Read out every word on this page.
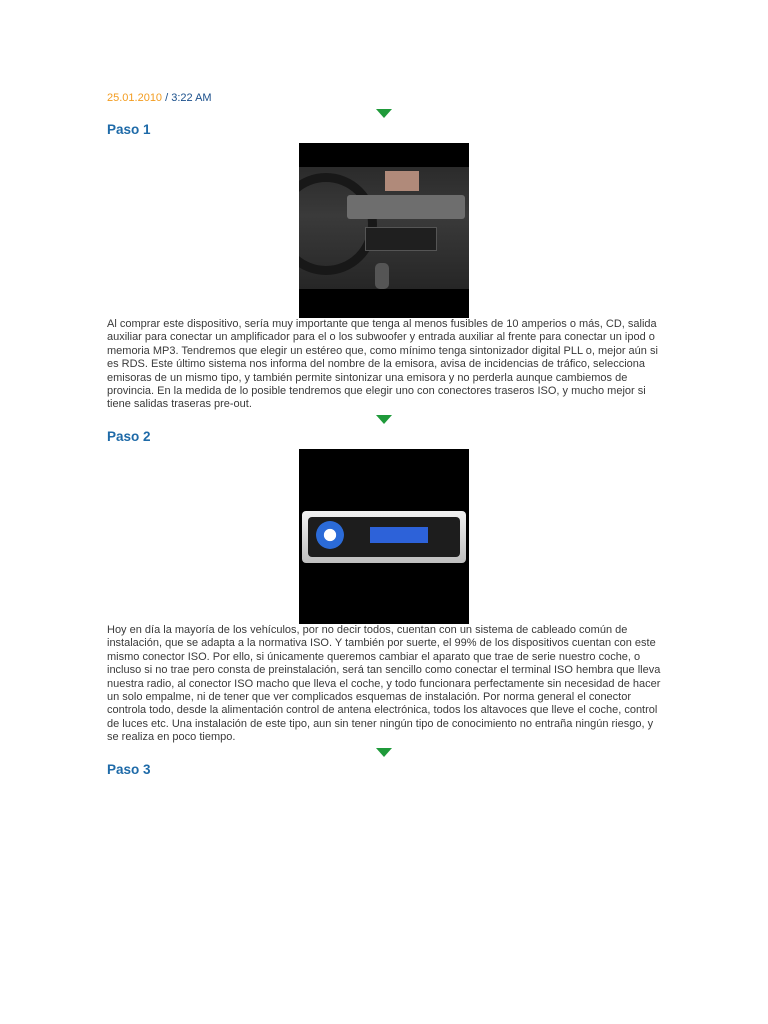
25.01.2010 / 3:22 AM
Paso 1

Al comprar este dispositivo, sería muy importante que tenga al menos fusibles de 10 amperios o más, CD, salida auxiliar para conectar un amplificador para el o los subwoofer y entrada auxiliar al frente para conectar un ipod o memoria MP3. Tendremos que elegir un estéreo que, como mínimo tenga sintonizador digital PLL o, mejor aún si es RDS. Este último sistema nos informa del nombre de la emisora, avisa de incidencias de tráfico, selecciona emisoras de un mismo tipo, y también permite sintonizar una emisora y no perderla aunque cambiemos de provincia. En la medida de lo posible tendremos que elegir uno con conectores traseros ISO, y mucho mejor si tiene salidas traseras pre-out.

Paso 2

Hoy en día la mayoría de los vehículos, por no decir todos, cuentan con un sistema de cableado común de instalación, que se adapta a la normativa ISO. Y también por suerte, el 99% de los dispositivos cuentan con este mismo conector ISO. Por ello, si únicamente queremos cambiar el aparato que trae de serie nuestro coche, o incluso si no trae pero consta de preinstalación, será tan sencillo como conectar el terminal ISO hembra que lleva nuestra radio, al conector ISO macho que lleva el coche, y todo funcionara perfectamente sin necesidad de hacer un solo empalme, ni de tener que ver complicados esquemas de instalación. Por norma general el conector controla todo, desde la alimentación control de antena electrónica, todos los altavoces que lleve el coche, control de luces etc. Una instalación de este tipo, aun sin tener ningún tipo de conocimiento no entraña ningún riesgo, y se realiza en poco tiempo.

Paso 3
